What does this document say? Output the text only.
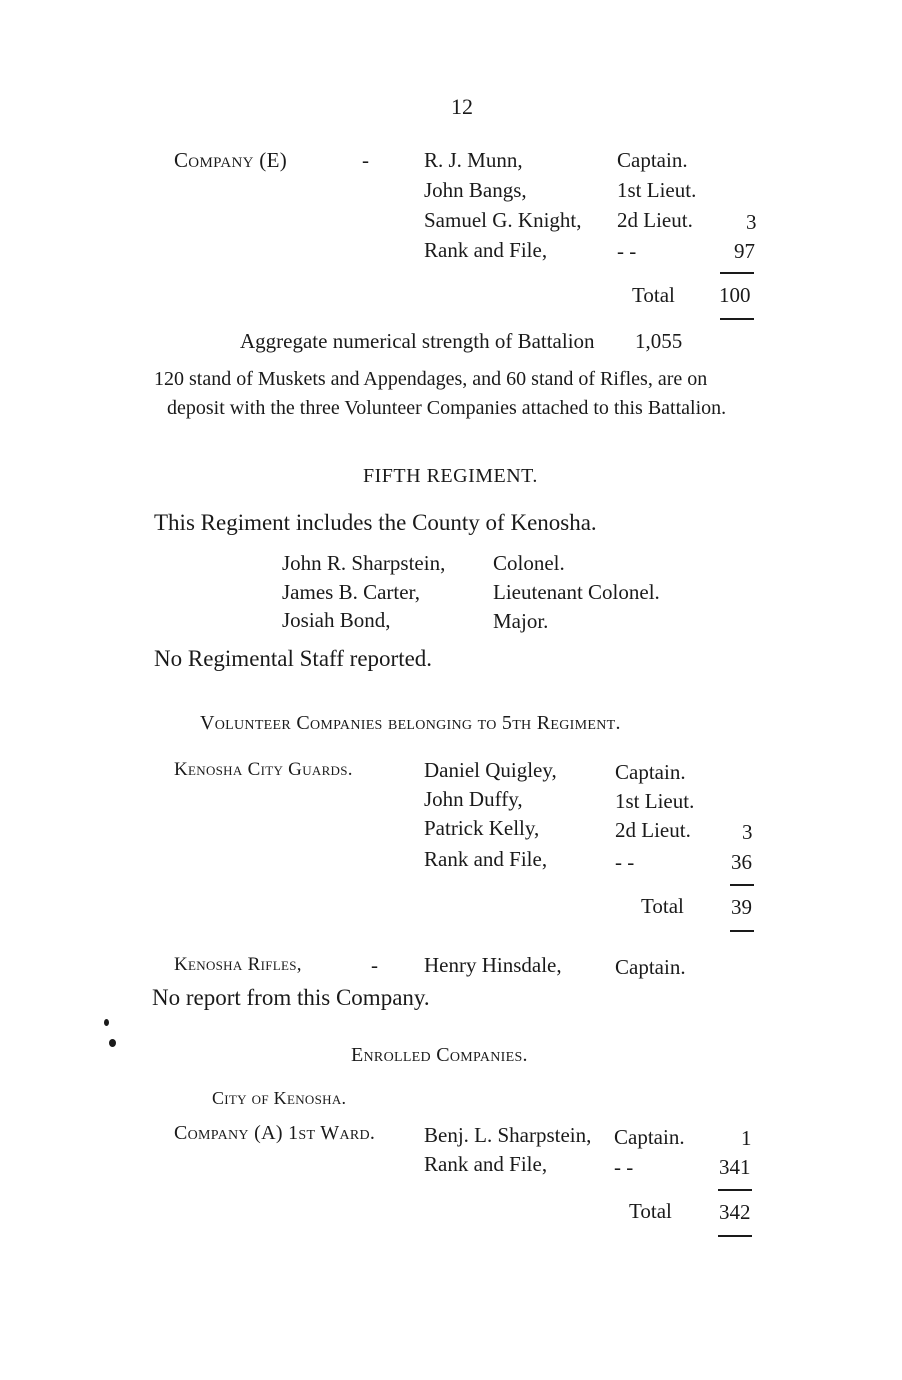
12
Company (E)	-	R. J. Munn,	Captain.
John Bangs,	1st Lieut.
Samuel G. Knight, 2d Lieut.	3
Rank and File,	- -	97
Total 100
Aggregate numerical strength of Battalion 1,055
120 stand of Muskets and Appendages, and 60 stand of Rifles, are on
deposit with the three Volunteer Companies attached to this Battalion.
FIFTH REGIMENT.
This Regiment includes the County of Kenosha.
John R. Sharpstein, Colonel.
James B. Carter,	Lieutenant Colonel.
Josiah Bond,	Major.
No Regimental Staff reported.
Volunteer Companies belonging to 5th Regiment.
Kenosha City Guards.	Daniel Quigley,	Captain.
John Duffy,	1st Lieut.
Patrick Kelly,	2d Lieut. 3
Rank and File,	- -	36
Total 39
Kenosha Rifles,	- Henry Hinsdale,	Captain.
No report from this Company.
Enrolled Companies.
City of Kenosha.
Company (A) 1st Ward. Benj. L. Sharpstein, Captain.	1
Rank and File,	- -	341
Total 342
